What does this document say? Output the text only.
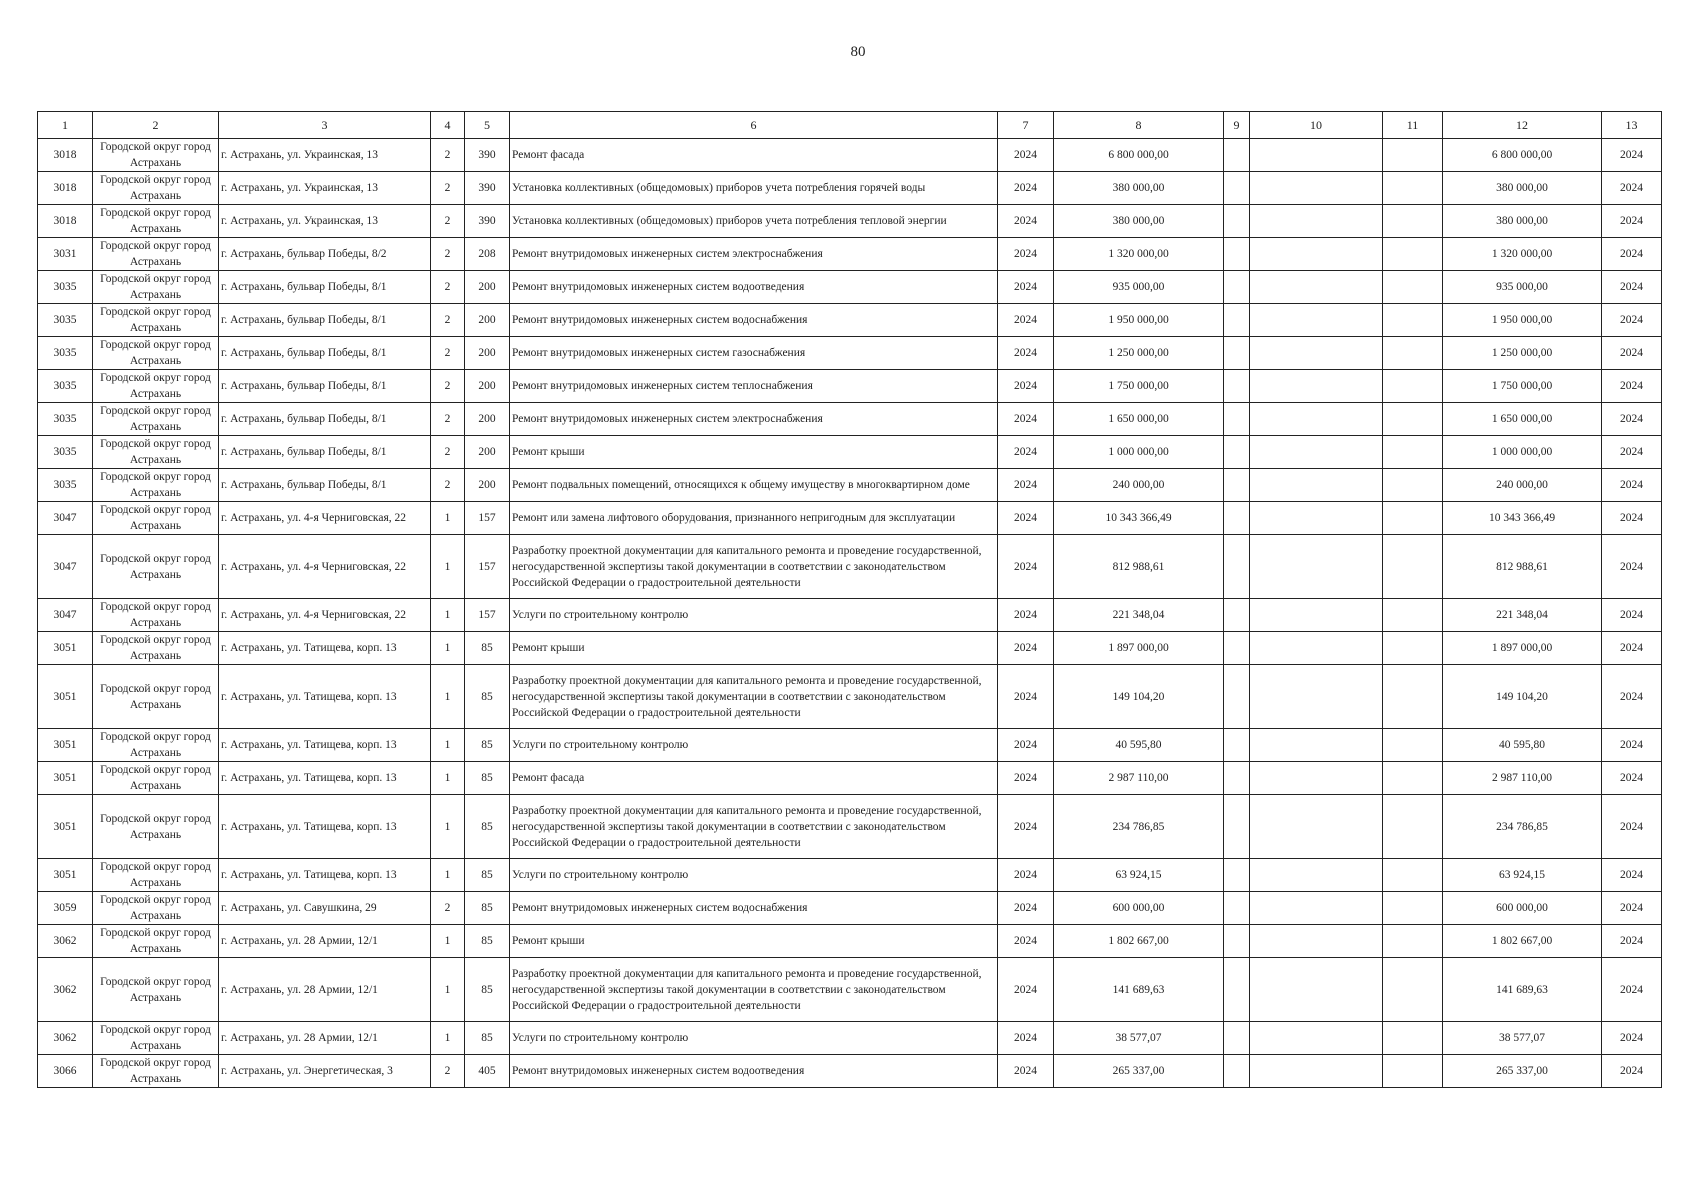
80
1	2	3	4	5	6	7	8	9	10	11	12	13
3018	Городской округ город Астрахань	г. Астрахань, ул. Украинская, 13	2	390	Ремонт фасада	2024	6 800 000,00				6 800 000,00	2024
3018	Городской округ город Астрахань	г. Астрахань, ул. Украинская, 13	2	390	Установка коллективных (общедомовых) приборов учета потребления горячей воды	2024	380 000,00				380 000,00	2024
3018	Городской округ город Астрахань	г. Астрахань, ул. Украинская, 13	2	390	Установка коллективных (общедомовых) приборов учета потребления тепловой энергии	2024	380 000,00				380 000,00	2024
3031	Городской округ город Астрахань	г. Астрахань, бульвар Победы, 8/2	2	208	Ремонт внутридомовых инженерных систем электроснабжения	2024	1 320 000,00				1 320 000,00	2024
3035	Городской округ город Астрахань	г. Астрахань, бульвар Победы, 8/1	2	200	Ремонт внутридомовых инженерных систем водоотведения	2024	935 000,00				935 000,00	2024
3035	Городской округ город Астрахань	г. Астрахань, бульвар Победы, 8/1	2	200	Ремонт внутридомовых инженерных систем водоснабжения	2024	1 950 000,00				1 950 000,00	2024
3035	Городской округ город Астрахань	г. Астрахань, бульвар Победы, 8/1	2	200	Ремонт внутридомовых инженерных систем газоснабжения	2024	1 250 000,00				1 250 000,00	2024
3035	Городской округ город Астрахань	г. Астрахань, бульвар Победы, 8/1	2	200	Ремонт внутридомовых инженерных систем теплоснабжения	2024	1 750 000,00				1 750 000,00	2024
3035	Городской округ город Астрахань	г. Астрахань, бульвар Победы, 8/1	2	200	Ремонт внутридомовых инженерных систем электроснабжения	2024	1 650 000,00				1 650 000,00	2024
3035	Городской округ город Астрахань	г. Астрахань, бульвар Победы, 8/1	2	200	Ремонт крыши	2024	1 000 000,00				1 000 000,00	2024
3035	Городской округ город Астрахань	г. Астрахань, бульвар Победы, 8/1	2	200	Ремонт подвальных помещений, относящихся к общему имуществу в многоквартирном доме	2024	240 000,00				240 000,00	2024
3047	Городской округ город Астрахань	г. Астрахань, ул. 4-я Черниговская, 22	1	157	Ремонт или замена лифтового оборудования, признанного непригодным для эксплуатации	2024	10 343 366,49				10 343 366,49	2024
3047	Городской округ город Астрахань	г. Астрахань, ул. 4-я Черниговская, 22	1	157	Разработку проектной документации для капитального ремонта и проведение государственной, негосударственной экспертизы такой документации в соответствии с законодательством Российской Федерации о градостроительной деятельности	2024	812 988,61				812 988,61	2024
3047	Городской округ город Астрахань	г. Астрахань, ул. 4-я Черниговская, 22	1	157	Услуги по строительному контролю	2024	221 348,04				221 348,04	2024
3051	Городской округ город Астрахань	г. Астрахань, ул. Татищева, корп. 13	1	85	Ремонт крыши	2024	1 897 000,00				1 897 000,00	2024
3051	Городской округ город Астрахань	г. Астрахань, ул. Татищева, корп. 13	1	85	Разработку проектной документации для капитального ремонта и проведение государственной, негосударственной экспертизы такой документации в соответствии с законодательством Российской Федерации о градостроительной деятельности	2024	149 104,20				149 104,20	2024
3051	Городской округ город Астрахань	г. Астрахань, ул. Татищева, корп. 13	1	85	Услуги по строительному контролю	2024	40 595,80				40 595,80	2024
3051	Городской округ город Астрахань	г. Астрахань, ул. Татищева, корп. 13	1	85	Ремонт фасада	2024	2 987 110,00				2 987 110,00	2024
3051	Городской округ город Астрахань	г. Астрахань, ул. Татищева, корп. 13	1	85	Разработку проектной документации для капитального ремонта и проведение государственной, негосударственной экспертизы такой документации в соответствии с законодательством Российской Федерации о градостроительной деятельности	2024	234 786,85				234 786,85	2024
3051	Городской округ город Астрахань	г. Астрахань, ул. Татищева, корп. 13	1	85	Услуги по строительному контролю	2024	63 924,15				63 924,15	2024
3059	Городской округ город Астрахань	г. Астрахань, ул. Савушкина, 29	2	85	Ремонт внутридомовых инженерных систем водоснабжения	2024	600 000,00				600 000,00	2024
3062	Городской округ город Астрахань	г. Астрахань, ул. 28 Армии, 12/1	1	85	Ремонт крыши	2024	1 802 667,00				1 802 667,00	2024
3062	Городской округ город Астрахань	г. Астрахань, ул. 28 Армии, 12/1	1	85	Разработку проектной документации для капитального ремонта и проведение государственной, негосударственной экспертизы такой документации в соответствии с законодательством Российской Федерации о градостроительной деятельности	2024	141 689,63				141 689,63	2024
3062	Городской округ город Астрахань	г. Астрахань, ул. 28 Армии, 12/1	1	85	Услуги по строительному контролю	2024	38 577,07				38 577,07	2024
3066	Городской округ город Астрахань	г. Астрахань, ул. Энергетическая, 3	2	405	Ремонт внутридомовых инженерных систем водоотведения	2024	265 337,00				265 337,00	2024
